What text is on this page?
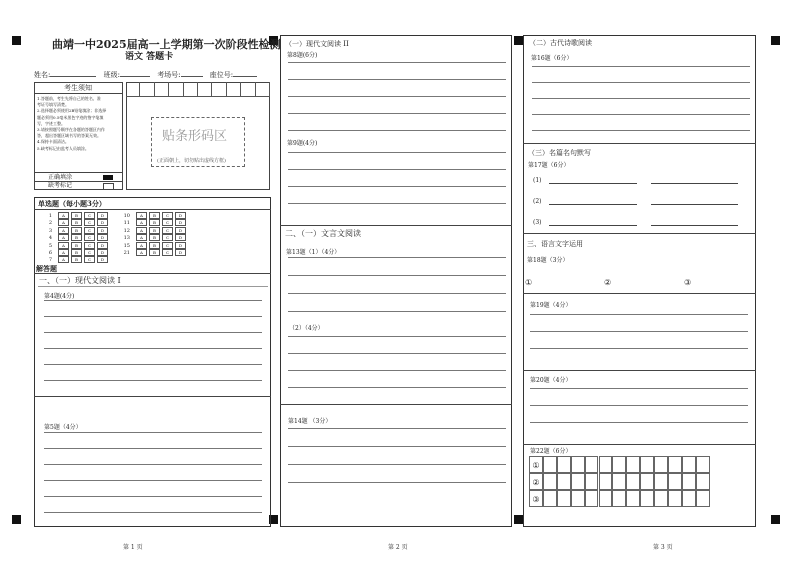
曲靖一中2025届高一上学期第一次阶段性检测
语文 答题卡
姓名:	班级:	考场号:	座位号:
考生须知
1.答题前，考生先将自己的姓名、准
考证号填写清楚。
2.选择题必须使用2B铅笔填涂；非选择
题必须用0.5毫米黑色字迹的签字笔填
写，字迹工整。
3.请按照题号顺序在各题的答题区内作
答，超出答题区域书写的答案无效。
4.保持卡面清洁。
5.缺考标记由监考人员填涂。
正确填涂
缺考标记
贴条形码区
(正面朝上，切勿贴出虚线方框)
单选题（每小题3分）
1	A	B	C D
2	A	B	C D
3	A	B	C D
4	A	B	C D
5	A	B	C D
6	A	B	C D
7	A	B	C D
10	A	B	C D
11	A	B	C D
12	A	B	C D
13	A	B	C D
15	A	B	C D
21	A	B	C D
解答题
一、（一）现代文阅读 I
第4题(4分)
第5题（4分）
（一）现代文阅读 II
第8题(6分)
第9题(4分)
二、（一）文言文阅读
第13题（1）（4分）
（2）（4分）
第14题 （3分）
（二）古代诗歌阅读
第16题（6分）
（三）名篇名句默写
第17题（6分）
(1)
(2)
(3)
三、语言文字运用
第18题（3分）
①	②	③
第19题（4分）
第20题（4分）
第22题（6分）
①
②
③
第 1 页	第 2 页	第 3 页
